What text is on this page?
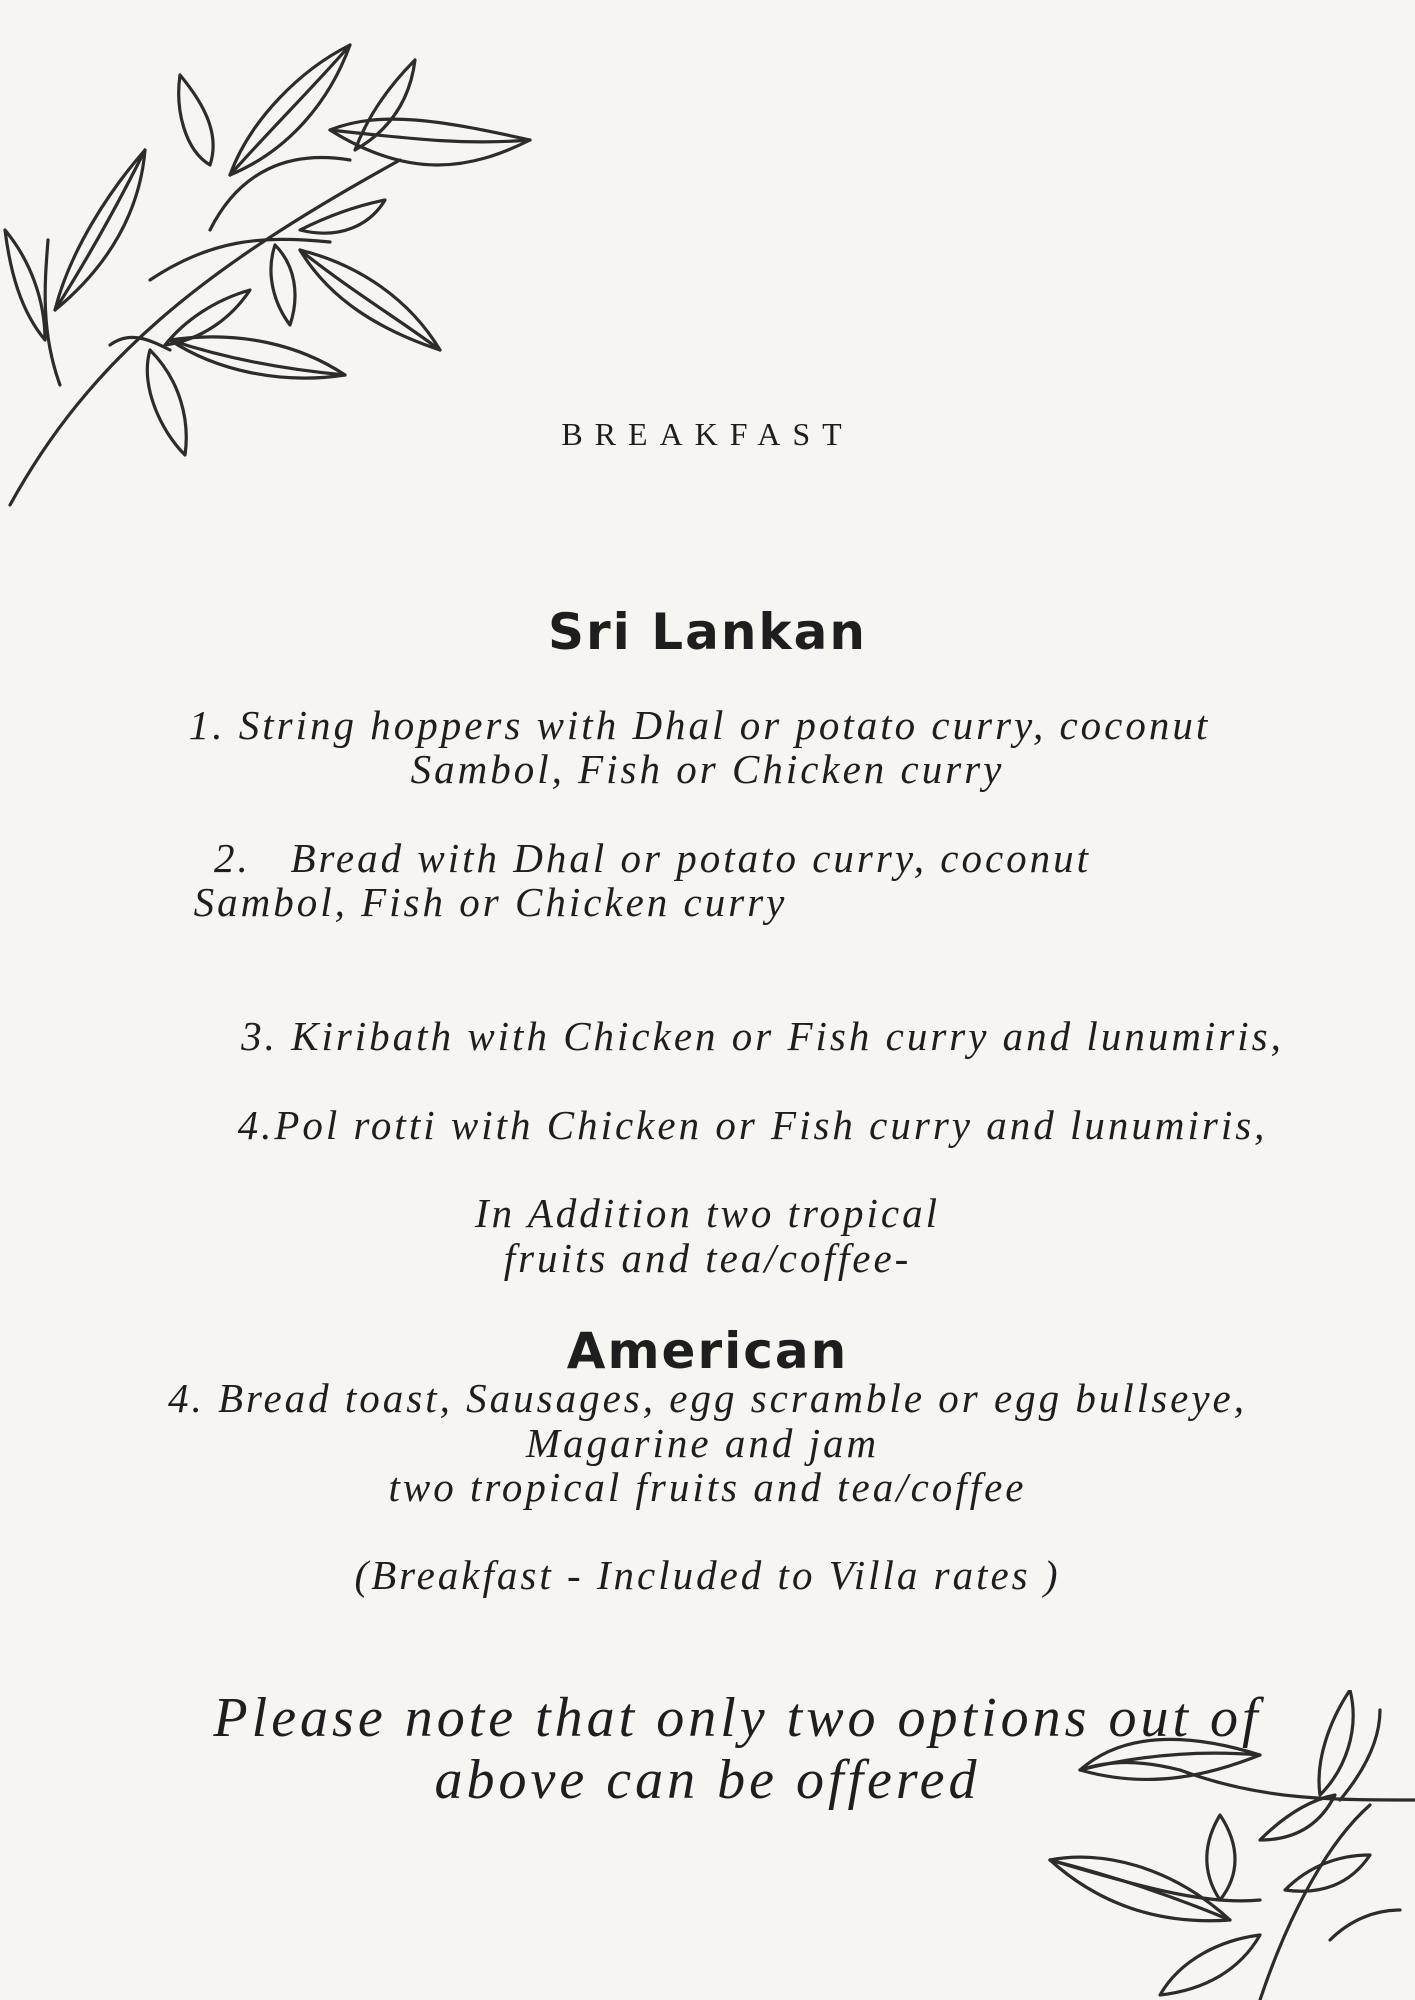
BREAKFAST
Sri Lankan

1. String hoppers with Dhal or potato curry, coconut

Sambol, Fish or Chicken curry

2.   Bread with Dhal or potato curry, coconut

Sambol, Fish or Chicken curry

3. Kiribath with Chicken or Fish curry and lunumiris,

4.Pol rotti with Chicken or Fish curry and lunumiris,

In Addition two tropical

fruits and tea/coffee-

American

4. Bread toast, Sausages, egg scramble or egg bullseye,

Magarine and jam

two tropical fruits and tea/coffee

(Breakfast - Included to Villa rates )

Please note that only two options out of

above can be offered
